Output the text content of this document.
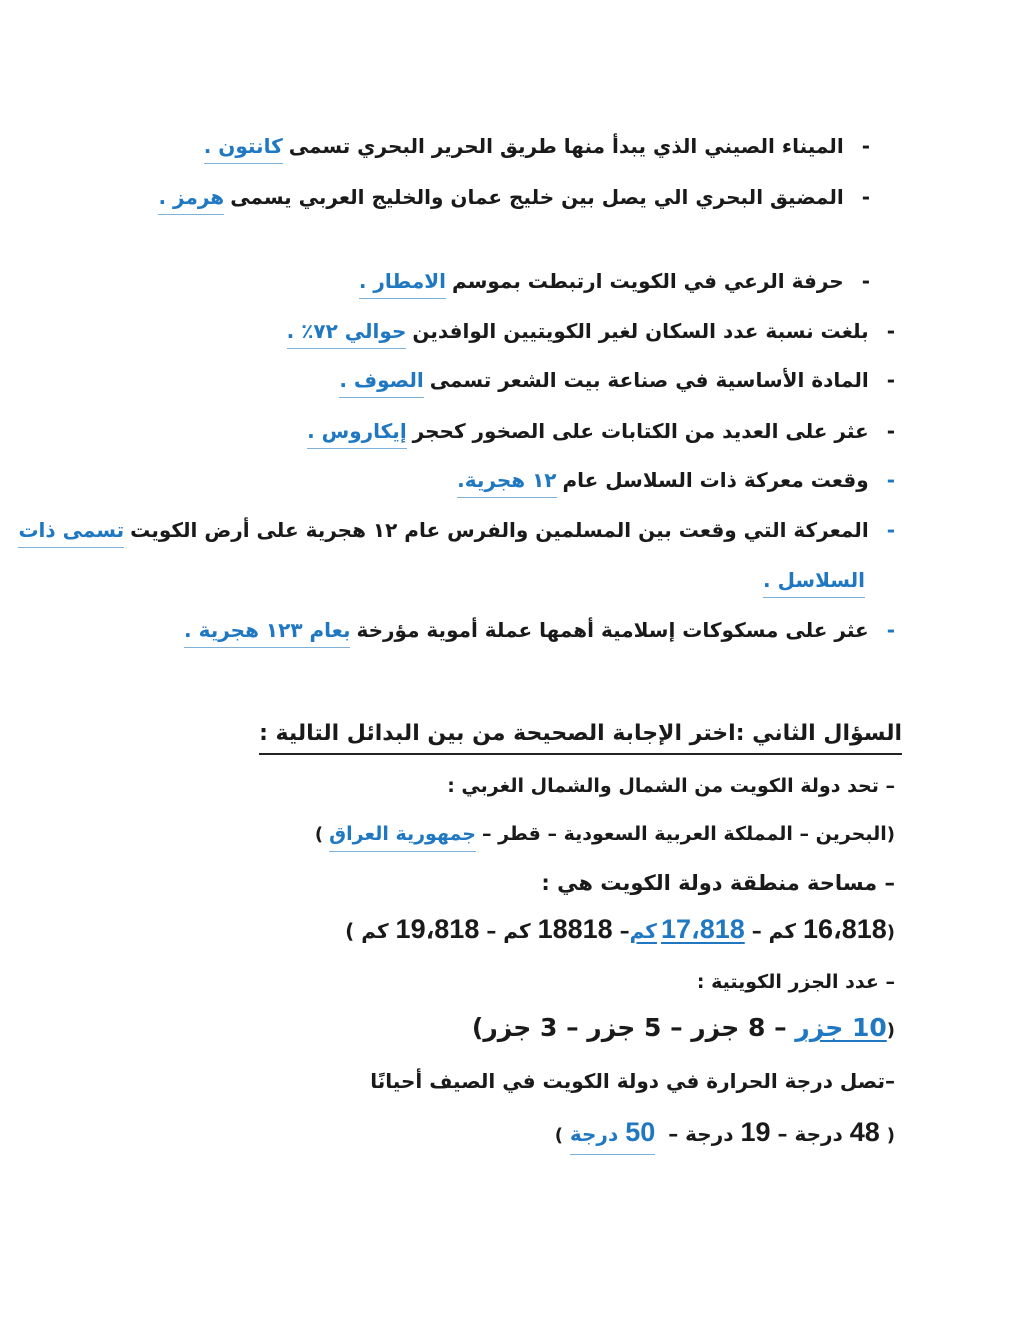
-الميناء الصيني الذي يبدأ منها طريق الحرير البحري تسمىكانتون .
-المضيق البحري الي يصل بين خليج عمان والخليج العربي يسمىهرمز .
-حرفة الرعي في الكويت ارتبطت بموسمالامطار .
-بلغت نسبة عدد السكان لغير الكويتيين الوافدينحوالي ٧٢٪ .
-المادة الأساسية في صناعة بيت الشعر تسمىالصوف .
-عثر على العديد من الكتابات على الصخور كحجرإيكاروس .
-وقعت معركة ذات السلاسل عام١٢ هجرية.
-المعركة التي وقعت بين المسلمين والفرس عام ١٢ هجرية على أرض الكويتتسمى ذات
السلاسل .
-عثر على مسكوكات إسلامية أهمها عملة أموية مؤرخةبعام ١٢٣ هجرية .
السؤال الثاني :اختر الإجابة الصحيحة من بين البدائل التالية :
– تحد دولة الكويت من الشمال والشمال الغربي :
(البحرين – المملكة العربية السعودية – قطر –جمهورية العراق)
– مساحة منطقة دولة الكويت هي :
(16،818 كم – 17،818كم– 18818 كم – 19،818 كم )
– عدد الجزر الكويتية :
(10 جزر – 8 جزر – 5 جزر – 3 جزر)
–تصل درجة الحرارة في دولة الكويت في الصيف أحيانًا
( 48 درجة – 19 درجة – 50 درجة )
